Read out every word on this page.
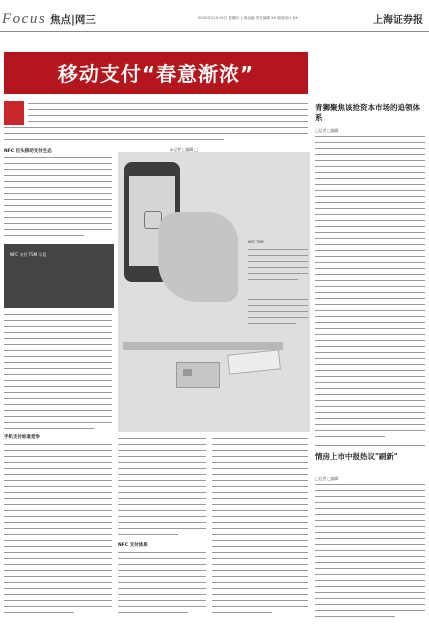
Focus 焦点|网三	2020年12月10日 星期四 上海金融 责任编辑 XX 版面设计 XX	上海证券报
移动支付“春意渐浓”
◎记者 □编辑 □
NFC TSM
NFC 巨头移动支付生态
NFC 支付 TSM 示意
手机支付标准竞争
NFC 支付体系
青狮聚焦该抢资本市场的追领体系
□记者 □编辑
情房上市中报热议"刷新"
□记者 □编辑
